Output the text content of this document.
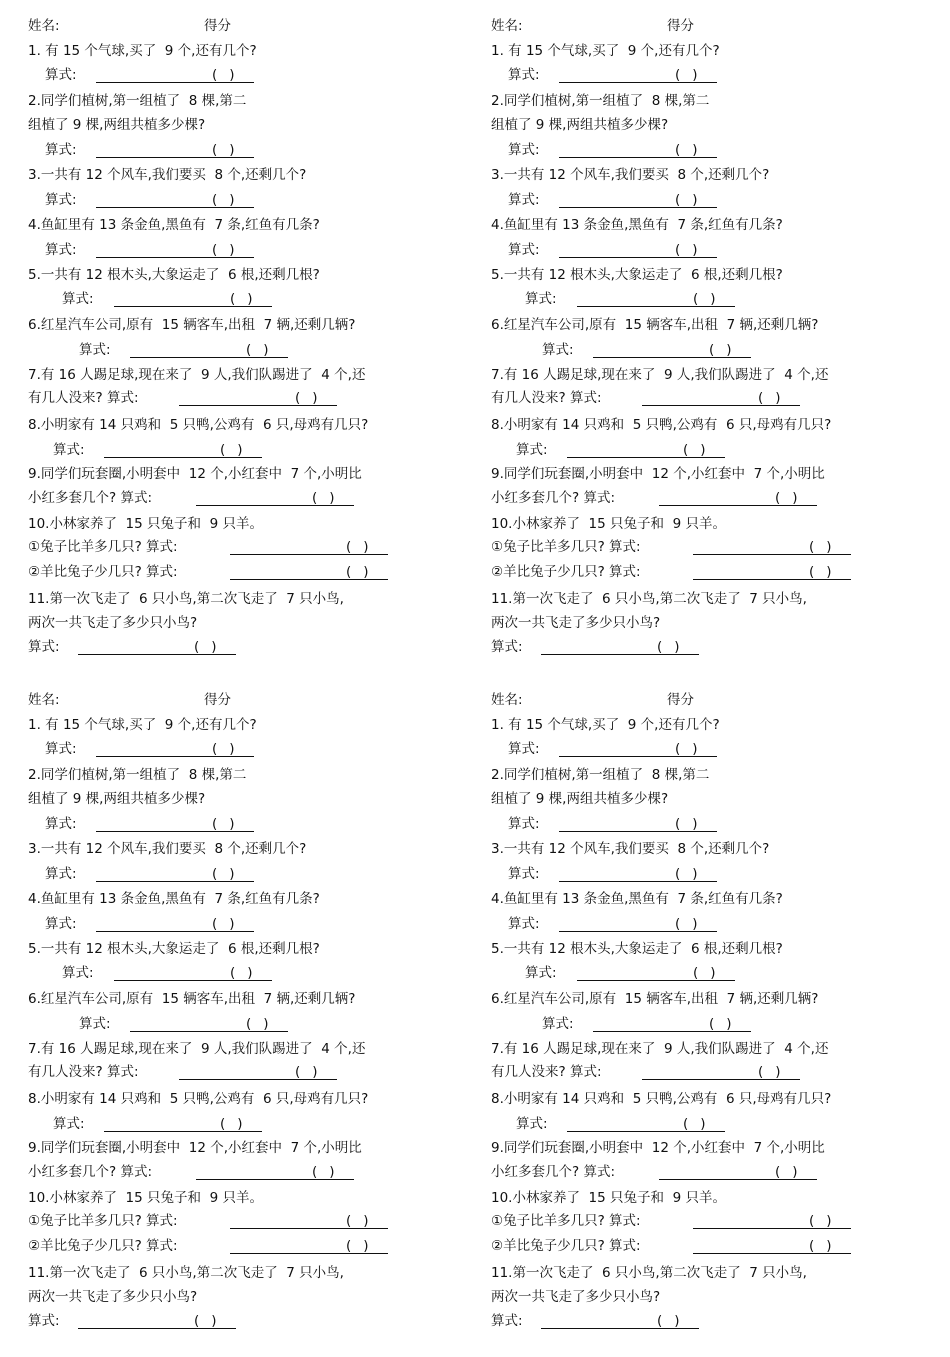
姓名:	得分
1. 有 15 个气球,买了  9 个,还有几个?
算式:	( )
2.同学们植树,第一组植了  8 棵,第二
组植了 9 棵,两组共植多少棵?
算式:	( )
3.一共有 12 个风车,我们要买  8 个,还剩几个?
算式:	( )
4.鱼缸里有 13 条金鱼,黑鱼有  7 条,红鱼有几条?
算式:	( )
5.一共有 12 根木头,大象运走了  6 根,还剩几根?
算式:	( )
6.红星汽车公司,原有  15 辆客车,出租  7 辆,还剩几辆?
算式:	( )
7.有 16 人踢足球,现在来了  9 人,我们队踢进了  4 个,还
有几人没来? 算式:	( )
8.小明家有 14 只鸡和  5 只鸭,公鸡有  6 只,母鸡有几只?
算式:	( )
9.同学们玩套圈,小明套中  12 个,小红套中  7 个,小明比
小红多套几个? 算式:	( )
10.小林家养了  15 只兔子和  9 只羊。
①兔子比羊多几只? 算式:	( )
②羊比兔子少几只? 算式:	( )
11.第一次飞走了  6 只小鸟,第二次飞走了  7 只小鸟,
两次一共飞走了多少只小鸟?
算式:	( )
姓名:	得分
1. 有 15 个气球,买了  9 个,还有几个?
算式:	( )
2.同学们植树,第一组植了  8 棵,第二
组植了 9 棵,两组共植多少棵?
算式:	( )
3.一共有 12 个风车,我们要买  8 个,还剩几个?
算式:	( )
4.鱼缸里有 13 条金鱼,黑鱼有  7 条,红鱼有几条?
算式:	( )
5.一共有 12 根木头,大象运走了  6 根,还剩几根?
算式:	( )
6.红星汽车公司,原有  15 辆客车,出租  7 辆,还剩几辆?
算式:	( )
7.有 16 人踢足球,现在来了  9 人,我们队踢进了  4 个,还
有几人没来? 算式:	( )
8.小明家有 14 只鸡和  5 只鸭,公鸡有  6 只,母鸡有几只?
算式:	( )
9.同学们玩套圈,小明套中  12 个,小红套中  7 个,小明比
小红多套几个? 算式:	( )
10.小林家养了  15 只兔子和  9 只羊。
①兔子比羊多几只? 算式:	( )
②羊比兔子少几只? 算式:	( )
11.第一次飞走了  6 只小鸟,第二次飞走了  7 只小鸟,
两次一共飞走了多少只小鸟?
算式:	( )
姓名:	得分
1. 有 15 个气球,买了  9 个,还有几个?
算式:	( )
2.同学们植树,第一组植了  8 棵,第二
组植了 9 棵,两组共植多少棵?
算式:	( )
3.一共有 12 个风车,我们要买  8 个,还剩几个?
算式:	( )
4.鱼缸里有 13 条金鱼,黑鱼有  7 条,红鱼有几条?
算式:	( )
5.一共有 12 根木头,大象运走了  6 根,还剩几根?
算式:	( )
6.红星汽车公司,原有  15 辆客车,出租  7 辆,还剩几辆?
算式:	( )
7.有 16 人踢足球,现在来了  9 人,我们队踢进了  4 个,还
有几人没来? 算式:	( )
8.小明家有 14 只鸡和  5 只鸭,公鸡有  6 只,母鸡有几只?
算式:	( )
9.同学们玩套圈,小明套中  12 个,小红套中  7 个,小明比
小红多套几个? 算式:	( )
10.小林家养了  15 只兔子和  9 只羊。
①兔子比羊多几只? 算式:	( )
②羊比兔子少几只? 算式:	( )
11.第一次飞走了  6 只小鸟,第二次飞走了  7 只小鸟,
两次一共飞走了多少只小鸟?
算式:	( )
姓名:	得分
1. 有 15 个气球,买了  9 个,还有几个?
算式:	( )
2.同学们植树,第一组植了  8 棵,第二
组植了 9 棵,两组共植多少棵?
算式:	( )
3.一共有 12 个风车,我们要买  8 个,还剩几个?
算式:	( )
4.鱼缸里有 13 条金鱼,黑鱼有  7 条,红鱼有几条?
算式:	( )
5.一共有 12 根木头,大象运走了  6 根,还剩几根?
算式:	( )
6.红星汽车公司,原有  15 辆客车,出租  7 辆,还剩几辆?
算式:	( )
7.有 16 人踢足球,现在来了  9 人,我们队踢进了  4 个,还
有几人没来? 算式:	( )
8.小明家有 14 只鸡和  5 只鸭,公鸡有  6 只,母鸡有几只?
算式:	( )
9.同学们玩套圈,小明套中  12 个,小红套中  7 个,小明比
小红多套几个? 算式:	( )
10.小林家养了  15 只兔子和  9 只羊。
①兔子比羊多几只? 算式:	( )
②羊比兔子少几只? 算式:	( )
11.第一次飞走了  6 只小鸟,第二次飞走了  7 只小鸟,
两次一共飞走了多少只小鸟?
算式:	( )
